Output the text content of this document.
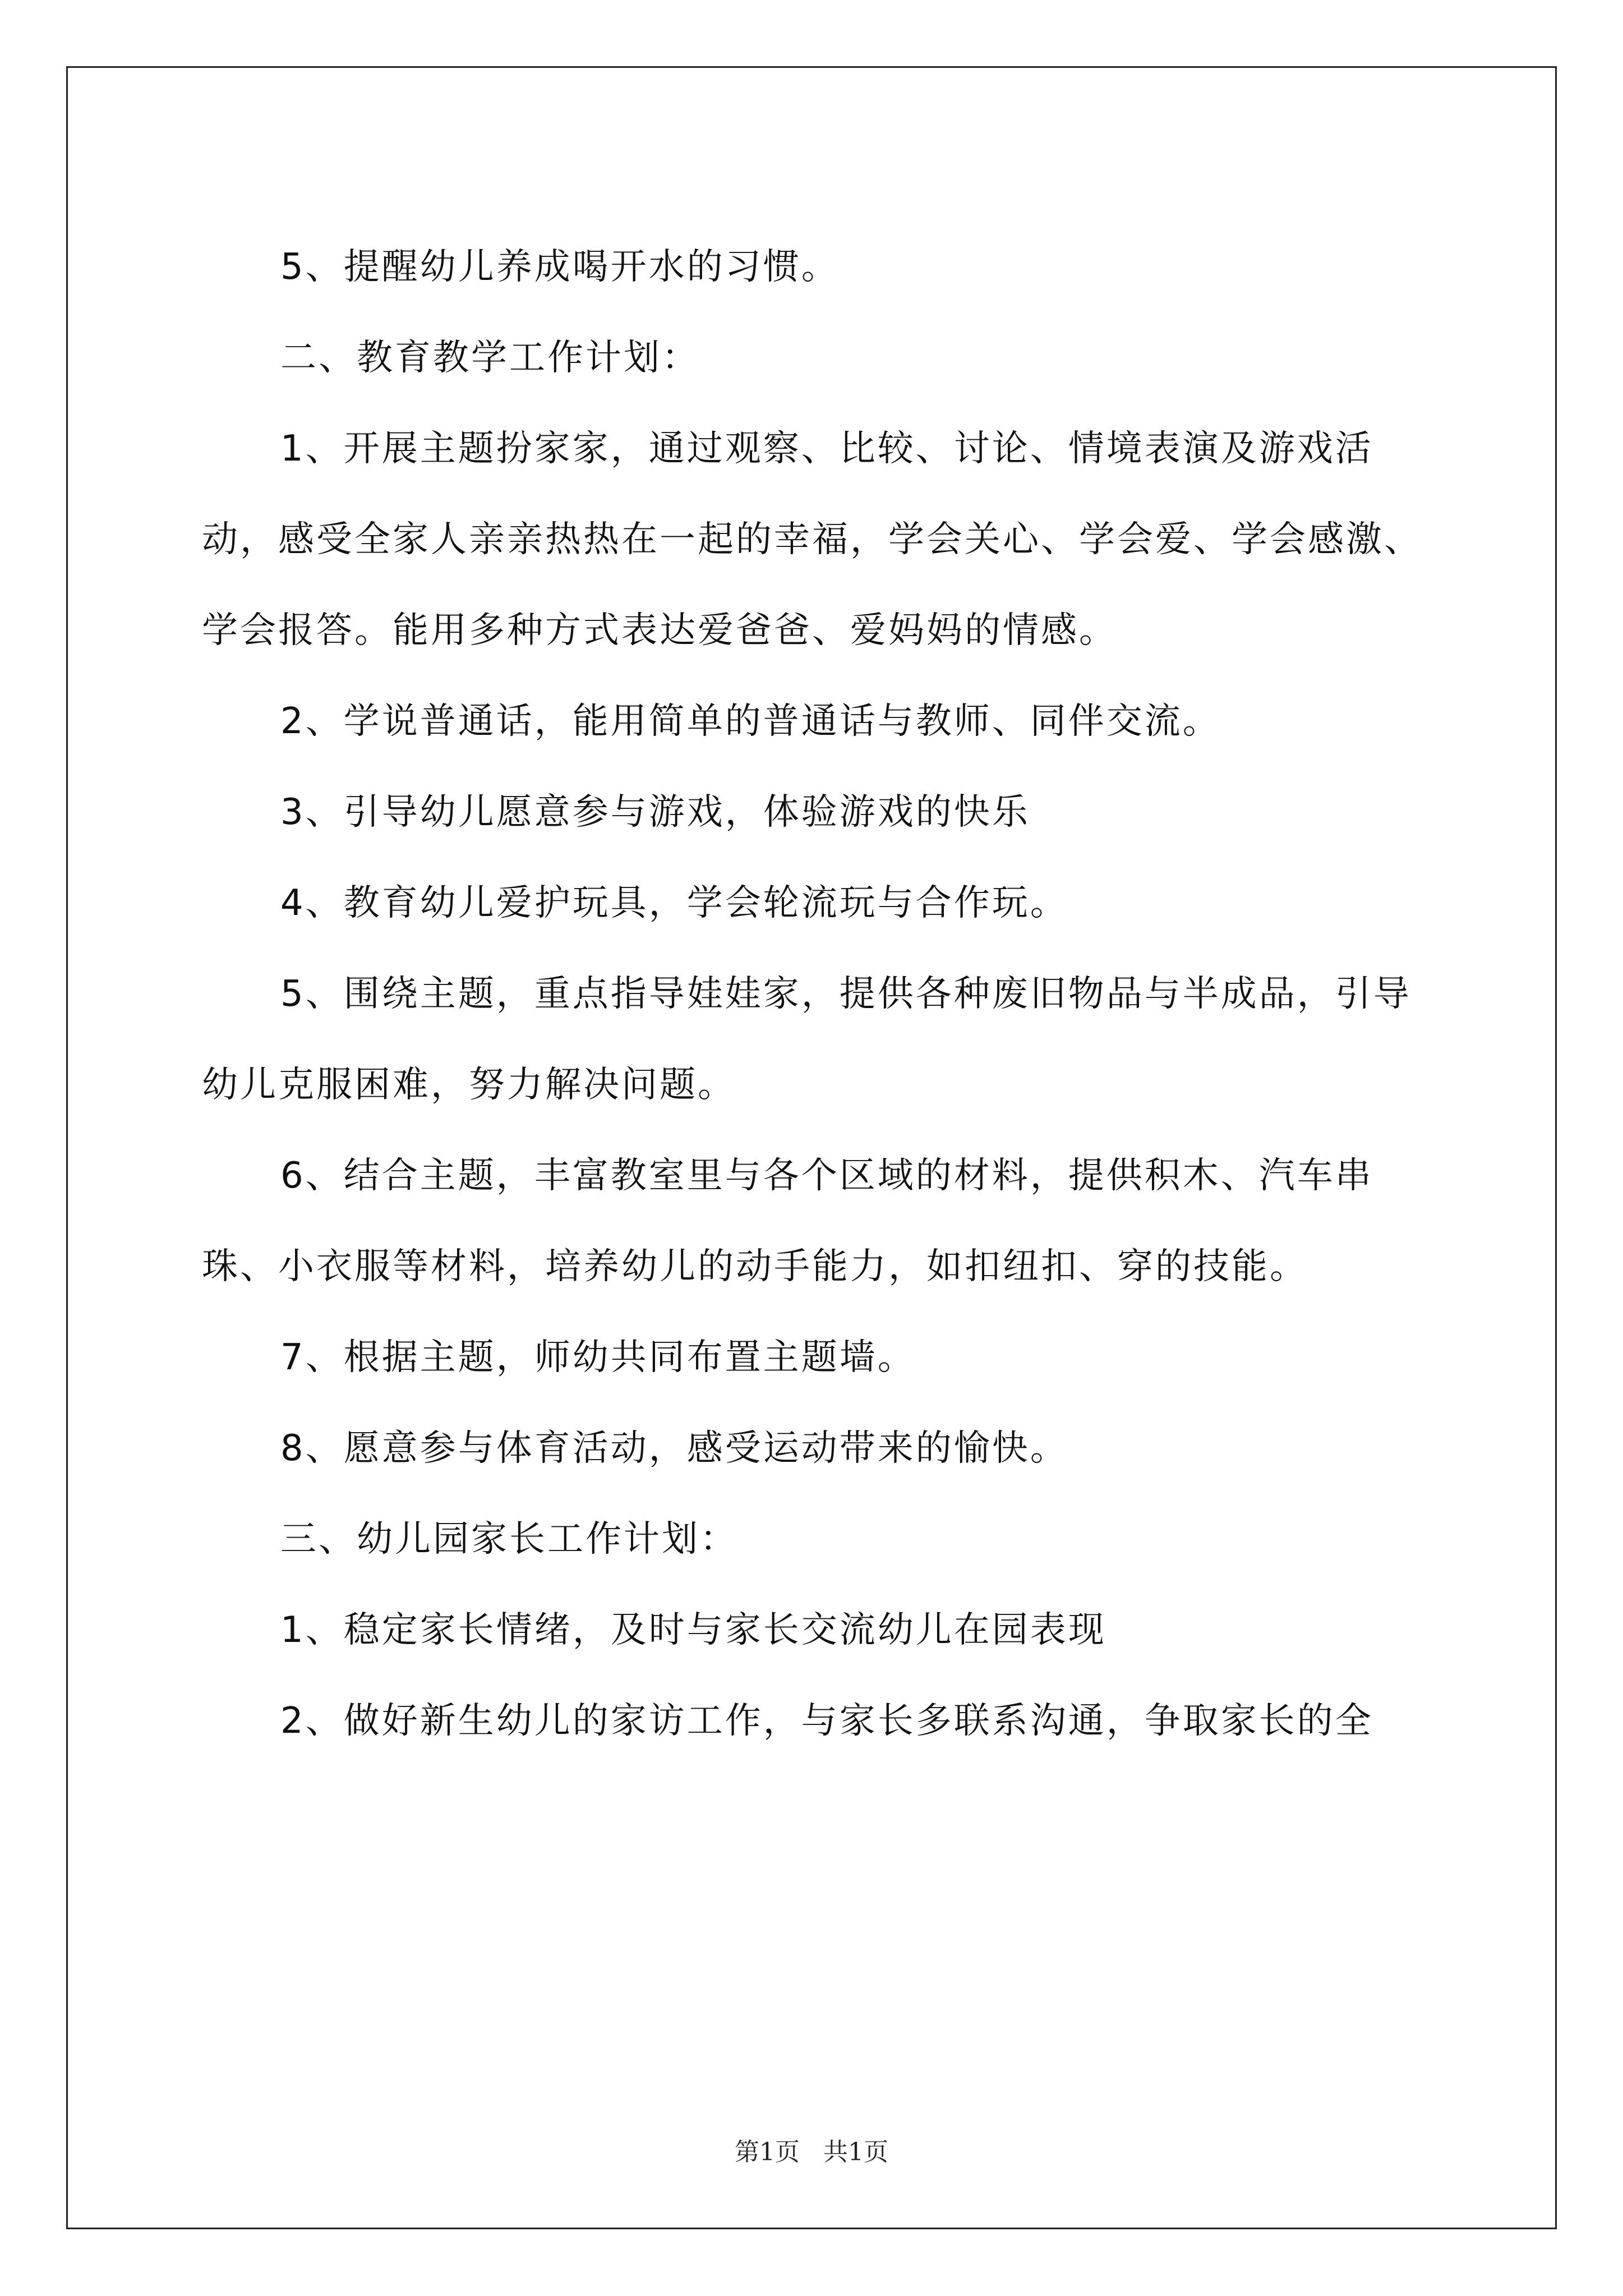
5、提醒幼儿养成喝开水的习惯。

二、教育教学工作计划：

1、开展主题扮家家，通过观察、比较、讨论、情境表演及游戏活动，感受全家人亲亲热热在一起的幸福，学会关心、学会爱、学会感激、学会报答。能用多种方式表达爱爸爸、爱妈妈的情感。

2、学说普通话，能用简单的普通话与教师、同伴交流。

3、引导幼儿愿意参与游戏，体验游戏的快乐

4、教育幼儿爱护玩具，学会轮流玩与合作玩。

5、围绕主题，重点指导娃娃家，提供各种废旧物品与半成品，引导幼儿克服困难，努力解决问题。

6、结合主题，丰富教室里与各个区域的材料，提供积木、汽车串珠、小衣服等材料，培养幼儿的动手能力，如扣纽扣、穿的技能。

7、根据主题，师幼共同布置主题墙。

8、愿意参与体育活动，感受运动带来的愉快。

三、幼儿园家长工作计划：

1、稳定家长情绪，及时与家长交流幼儿在园表现

2、做好新生幼儿的家访工作，与家长多联系沟通，争取家长的全

第1页   共1页
